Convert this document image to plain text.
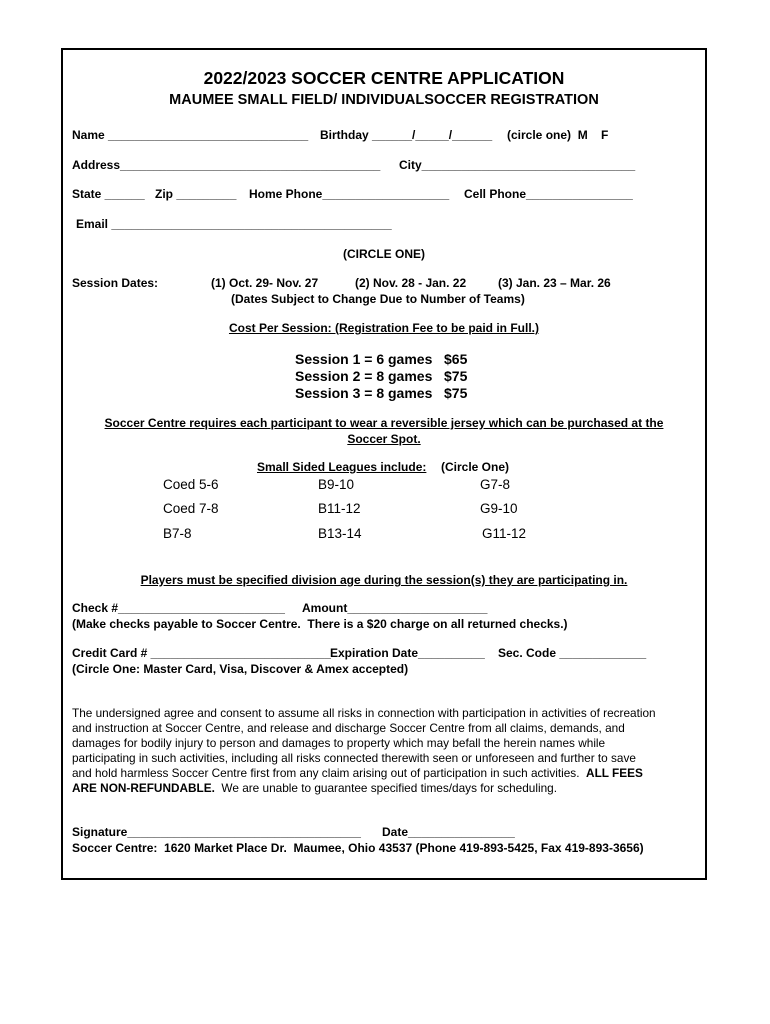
2022/2023 SOCCER CENTRE APPLICATION
MAUMEE SMALL FIELD/ INDIVIDUALSOCCER REGISTRATION
Name ______________________________ Birthday ______/_____/______ (circle one)  M    F
Address_______________________________________ City________________________________
State ______ Zip _________ Home Phone___________________ Cell Phone________________
Email __________________________________________
(CIRCLE ONE)
Session Dates:	(1) Oct. 29- Nov. 27	(2) Nov. 28 - Jan. 22	(3) Jan. 23 – Mar. 26
(Dates Subject to Change Due to Number of Teams)
Cost Per Session: (Registration Fee to be paid in Full.)
Session 1 = 6 games   $65
Session 2 = 8 games   $75
Session 3 = 8 games   $75
Soccer Centre requires each participant to wear a reversible jersey which can be purchased at the
Soccer Spot.
Small Sided Leagues include: (Circle One)
Coed 5-6	B9-10	G7-8
Coed 7-8	B11-12	G9-10
B7-8	B13-14	G11-12
Players must be specified division age during the session(s) they are participating in.
Check #_________________________ Amount_____________________
(Make checks payable to Soccer Centre.  There is a $20 charge on all returned checks.)
Credit Card # ___________________________ Expiration Date__________ Sec. Code _____________
(Circle One: Master Card, Visa, Discover & Amex accepted)
The undersigned agree and consent to assume all risks in connection with participation in activities of recreation
and instruction at Soccer Centre, and release and discharge Soccer Centre from all claims, demands, and
damages for bodily injury to person and damages to property which may befall the herein names while
participating in such activities, including all risks connected therewith seen or unforeseen and further to save
and hold harmless Soccer Centre first from any claim arising out of participation in such activities.  ALL FEES
ARE NON-REFUNDABLE.  We are unable to guarantee specified times/days for scheduling.
Signature___________________________________ Date________________
Soccer Centre:  1620 Market Place Dr.  Maumee, Ohio 43537 (Phone 419-893-5425, Fax 419-893-3656)
